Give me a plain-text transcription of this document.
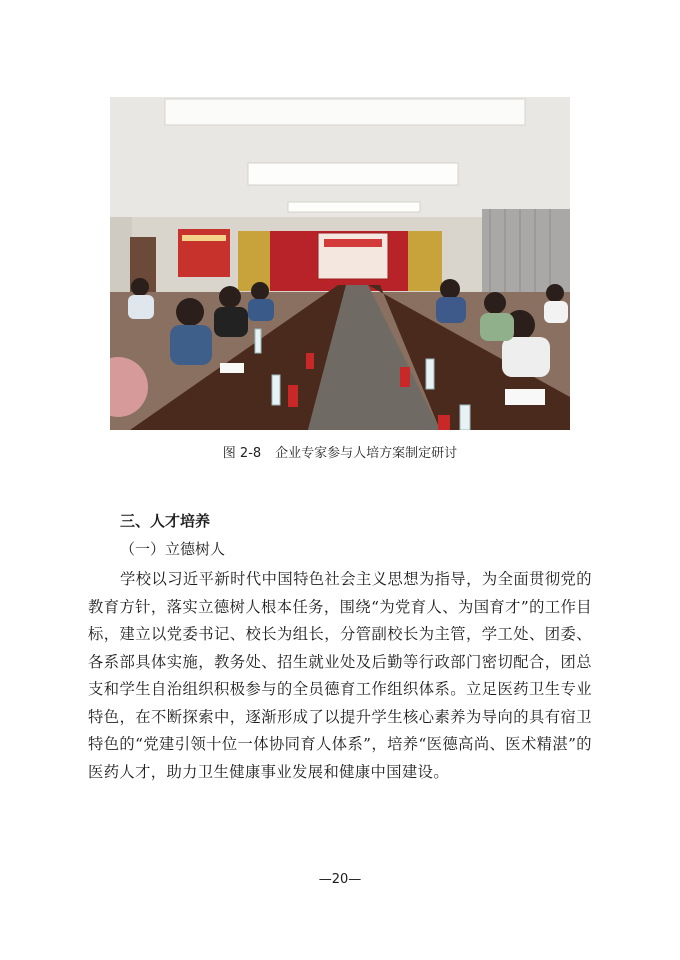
图 2-8 企业专家参与人培方案制定研讨
三、人才培养
（一）立德树人

学校以习近平新时代中国特色社会主义思想为指导，为全面贯彻党的教育方针，落实立德树人根本任务，围绕“为党育人、为国育才”的工作目标，建立以党委书记、校长为组长，分管副校长为主管，学工处、团委、各系部具体实施，教务处、招生就业处及后勤等行政部门密切配合，团总支和学生自治组织积极参与的全员德育工作组织体系。立足医药卫生专业特色，在不断探索中，逐渐形成了以提升学生核心素养为导向的具有宿卫特色的“党建引领十位一体协同育人体系”，培养“医德高尚、医术精湛”的医药人才，助力卫生健康事业发展和健康中国建设。

—20—
